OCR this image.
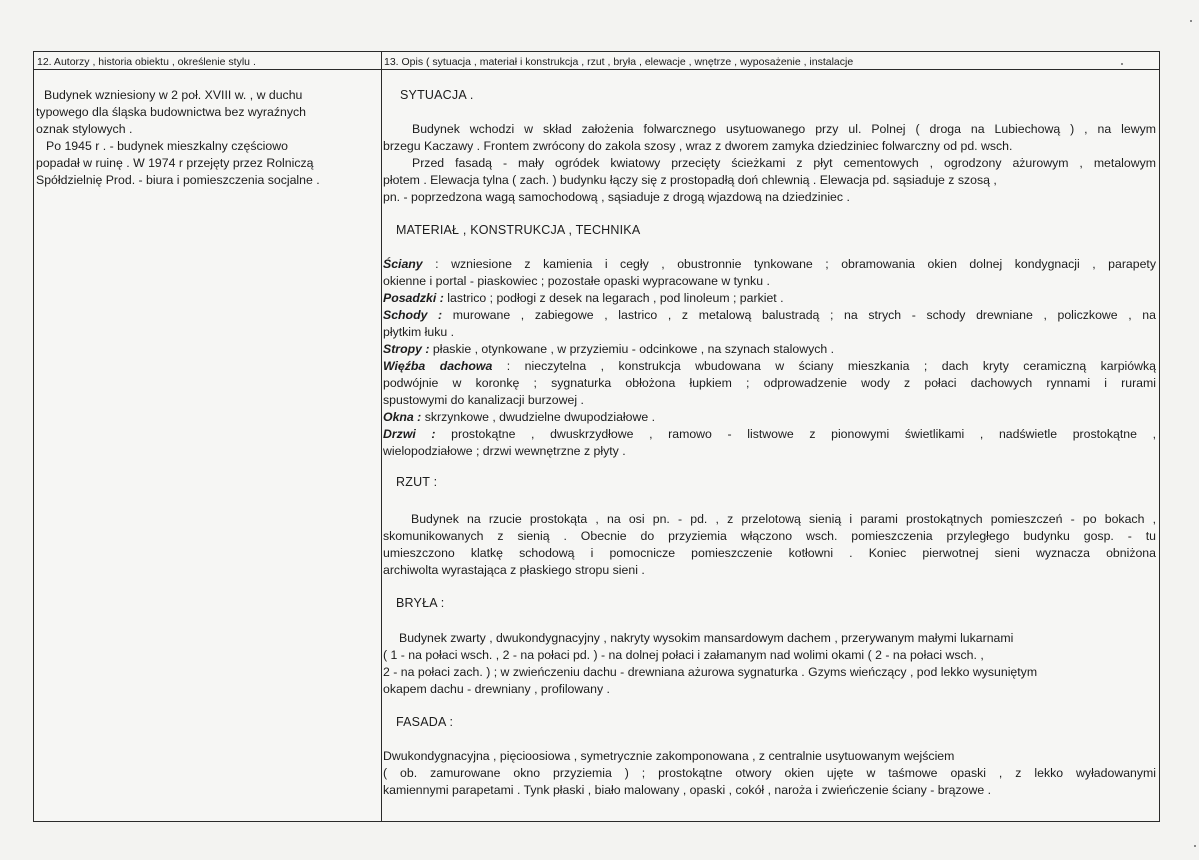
12. Autorzy , historia obiektu , określenie stylu .
Budynek wzniesiony w 2 poł. XVIII w. , w duchu
typowego dla śląska budownictwa bez wyraźnych
oznak stylowych .
Po 1945 r . - budynek mieszkalny częściowo
popadał w ruinę . W 1974 r przejęty przez Rolniczą
Spółdzielnię Prod. - biura i pomieszczenia socjalne .
13. Opis ( sytuacja , materiał i konstrukcja , rzut , bryła , elewacje , wnętrze , wyposażenie , instalacje
SYTUACJA .
Budynek wchodzi w skład założenia folwarcznego usytuowanego przy ul. Polnej ( droga na Lubiechową ) , na lewym
brzegu Kaczawy . Frontem zwrócony do zakola szosy , wraz z dworem zamyka dziedziniec folwarczny od pd. wsch.
Przed fasadą - mały ogródek kwiatowy przecięty ścieżkami z płyt cementowych , ogrodzony ażurowym , metalowym
płotem . Elewacja tylna ( zach. ) budynku łączy się z prostopadłą doń chlewnią . Elewacja pd. sąsiaduje z szosą ,
pn. - poprzedzona wagą samochodową , sąsiaduje z drogą wjazdową na dziedziniec .
MATERIAŁ , KONSTRUKCJA , TECHNIKA
Ściany : wzniesione z kamienia i cegły , obustronnie tynkowane ; obramowania okien dolnej kondygnacji , parapety
okienne i portal - piaskowiec ; pozostałe opaski wypracowane w tynku .
Posadzki : lastrico ; podłogi z desek na legarach , pod linoleum ; parkiet .
Schody : murowane , zabiegowe , lastrico , z metalową balustradą ; na strych - schody drewniane , policzkowe , na
płytkim łuku .
Stropy : płaskie , otynkowane , w przyziemiu - odcinkowe , na szynach stalowych .
Więźba dachowa : nieczytelna , konstrukcja wbudowana w ściany mieszkania ; dach kryty ceramiczną karpiówką
podwójnie w koronkę ; sygnaturka obłożona łupkiem ; odprowadzenie wody z połaci dachowych rynnami i rurami
spustowymi do kanalizacji burzowej .
Okna : skrzynkowe , dwudzielne dwupodziałowe .
Drzwi : prostokątne , dwuskrzydłowe , ramowo - listwowe z pionowymi świetlikami , nadświetle prostokątne ,
wielopodziałowe ; drzwi wewnętrzne z płyty .
RZUT :
Budynek na rzucie prostokąta , na osi pn. - pd. , z przelotową sienią i parami prostokątnych pomieszczeń - po bokach ,
skomunikowanych z sienią . Obecnie do przyziemia włączono wsch. pomieszczenia przyległego budynku gosp. - tu
umieszczono klatkę schodową i pomocnicze pomieszczenie kotłowni . Koniec pierwotnej sieni wyznacza obniżona
archiwolta wyrastająca z płaskiego stropu sieni .
BRYŁA :
Budynek zwarty , dwukondygnacyjny , nakryty wysokim mansardowym dachem , przerywanym małymi lukarnami
( 1 - na połaci wsch. , 2 - na połaci pd. ) - na dolnej połaci i załamanym nad wolimi okami ( 2 - na połaci wsch. ,
2 - na połaci zach. ) ; w zwieńczeniu dachu - drewniana ażurowa sygnaturka . Gzyms wieńczący , pod lekko wysuniętym
okapem dachu - drewniany , profilowany .
FASADA :
Dwukondygnacyjna , pięcioosiowa , symetrycznie zakomponowana , z centralnie usytuowanym wejściem
( ob. zamurowane okno przyziemia ) ; prostokątne otwory okien ujęte w taśmowe opaski , z lekko wyładowanymi
kamiennymi parapetami . Tynk płaski , biało malowany , opaski , cokół , naroża i zwieńczenie ściany - brązowe .
